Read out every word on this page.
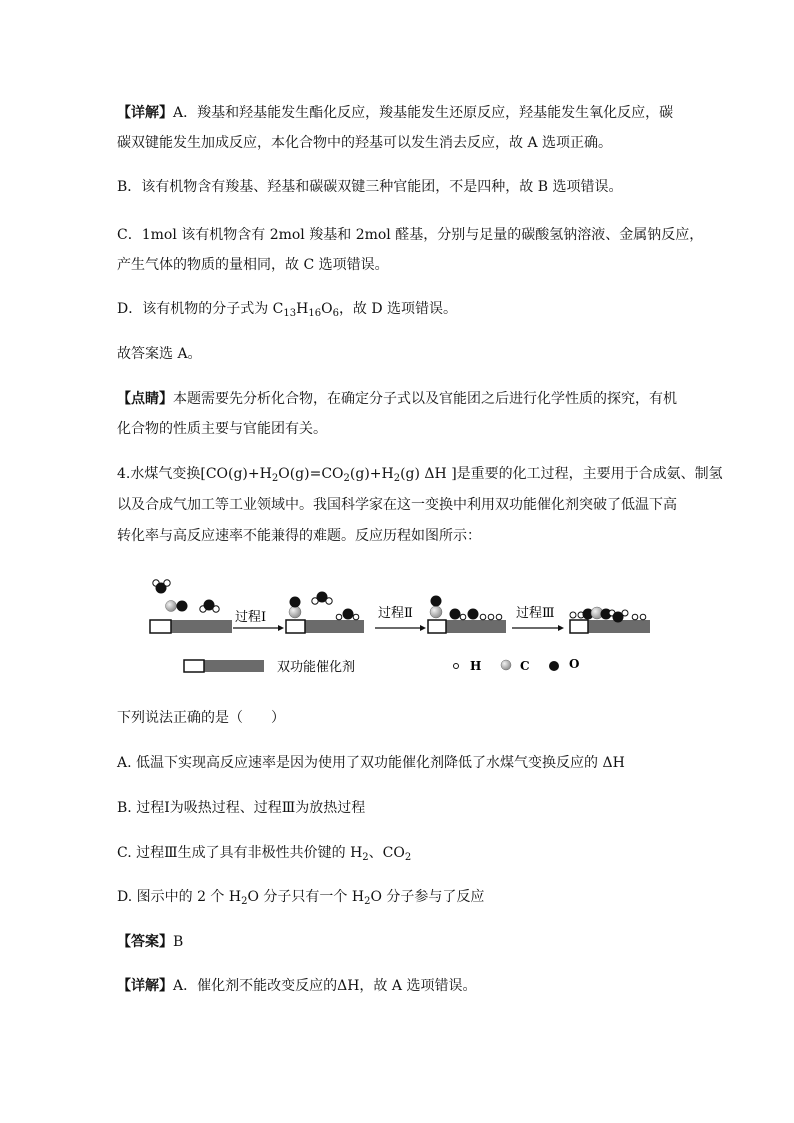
【详解】A．羧基和羟基能发生酯化反应，羧基能发生还原反应，羟基能发生氧化反应，碳
碳双键能发生加成反应，本化合物中的羟基可以发生消去反应，故 A 选项正确。
B．该有机物含有羧基、羟基和碳碳双键三种官能团，不是四种，故 B 选项错误。
C．1mol 该有机物含有 2mol 羧基和 2mol 醛基，分别与足量的碳酸氢钠溶液、金属钠反应，
产生气体的物质的量相同，故 C 选项错误。
D．该有机物的分子式为 $C_{13}H_{16}O_6$，故 D 选项错误。
故答案选 A。
【点睛】本题需要先分析化合物，在确定分子式以及官能团之后进行化学性质的探究，有机
化合物的性质主要与官能团有关。
4.水煤气变换[$CO(g)+H_2O(g)=CO_2(g)+H_2(g)$ ΔH ]是重要的化工过程，主要用于合成氨、制氢
以及合成气加工等工业领域中。我国科学家在这一变换中利用双功能催化剂突破了低温下高
转化率与高反应速率不能兼得的难题。反应历程如图所示：
过程Ⅰ	过程Ⅱ	过程Ⅲ
双功能催化剂	H	C	O
下列说法正确的是（　　）
A. 低温下实现高反应速率是因为使用了双功能催化剂降低了水煤气变换反应的 ΔH
B. 过程Ⅰ为吸热过程、过程Ⅲ为放热过程
C. 过程Ⅲ生成了具有非极性共价键的 $H_2$、$CO_2$
D. 图示中的 2 个 $H_2O$ 分子只有一个 $H_2O$ 分子参与了反应
【答案】B
【详解】A．催化剂不能改变反应的ΔH，故 A 选项错误。
